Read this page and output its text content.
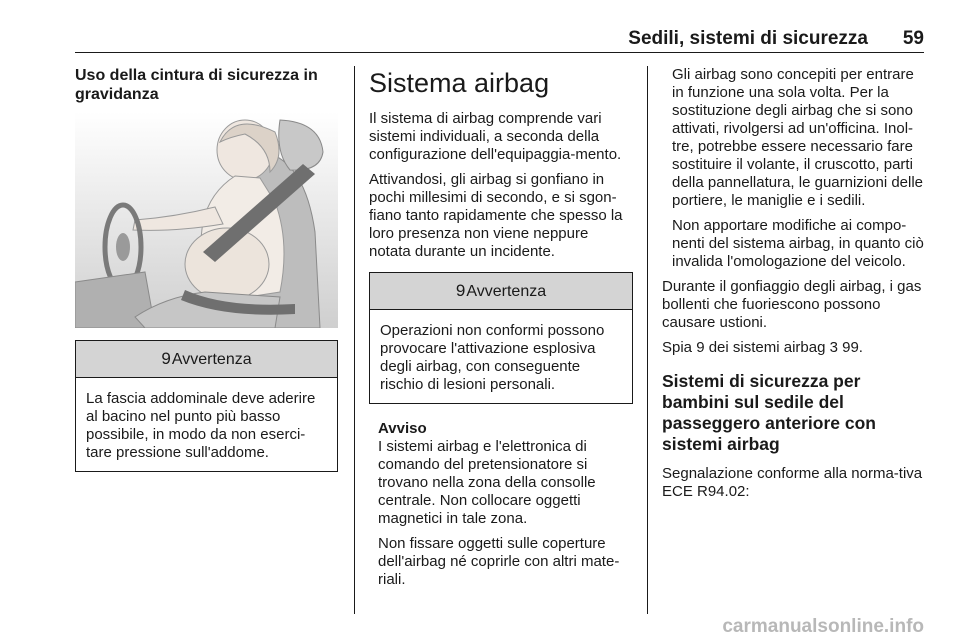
Sedili, sistemi di sicurezza 59
Uso della cintura di sicurezza in gravidanza
9Avvertenza
La fascia addominale deve aderire al bacino nel punto più basso possibile, in modo da non eserci-tare pressione sull'addome.
Sistema airbag

Il sistema di airbag comprende vari sistemi individuali, a seconda della configurazione dell'equipaggia-mento.

Attivandosi, gli airbag si gonfiano in pochi millesimi di secondo, e si sgon-fiano tanto rapidamente che spesso la loro presenza non viene neppure notata durante un incidente.

9Avvertenza
Operazioni non conformi possono provocare l'attivazione esplosiva degli airbag, con conseguente rischio di lesioni personali.
Avviso

I sistemi airbag e l'elettronica di comando del pretensionatore si trovano nella zona della consolle centrale. Non collocare oggetti magnetici in tale zona.

Non fissare oggetti sulle coperture dell'airbag né coprirle con altri mate-riali.

Gli airbag sono concepiti per entrare in funzione una sola volta. Per la sostituzione degli airbag che si sono attivati, rivolgersi ad un'officina. Inol-tre, potrebbe essere necessario fare sostituire il volante, il cruscotto, parti della pannellatura, le guarnizioni delle portiere, le maniglie e i sedili.

Non apportare modifiche ai compo-nenti del sistema airbag, in quanto ciò invalida l'omologazione del veicolo.

Durante il gonfiaggio degli airbag, i gas bollenti che fuoriescono possono causare ustioni.

Spia 9 dei sistemi airbag 3 99.

Sistemi di sicurezza per bambini sul sedile del passeggero anteriore con sistemi airbag

Segnalazione conforme alla norma-tiva ECE R94.02:

carmanualsonline.info
